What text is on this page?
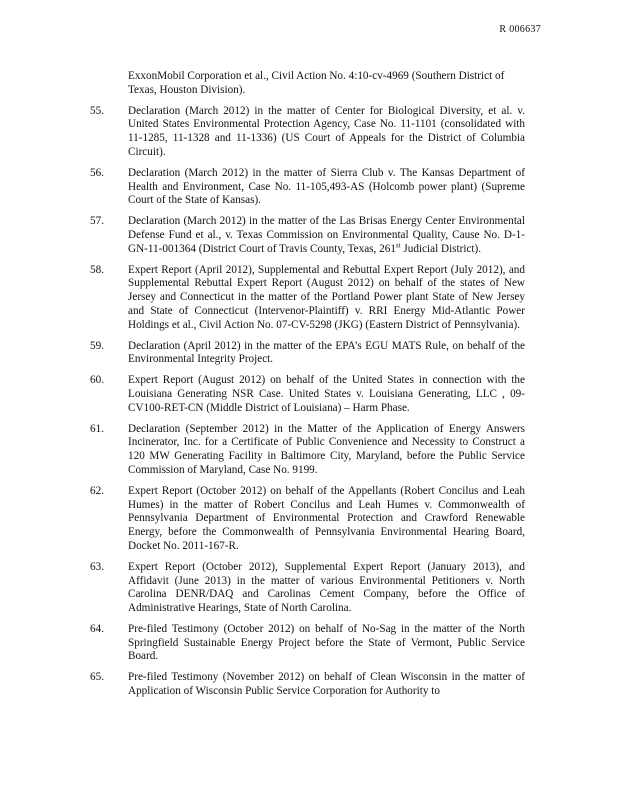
R 006637
ExxonMobil Corporation et al., Civil Action No. 4:10-cv-4969 (Southern District of Texas, Houston Division).
55.	Declaration (March 2012) in the matter of Center for Biological Diversity, et al. v. United States Environmental Protection Agency, Case No. 11-1101 (consolidated with 11-1285, 11-1328 and 11-1336) (US Court of Appeals for the District of Columbia Circuit).
56.	Declaration (March 2012) in the matter of Sierra Club v. The Kansas Department of Health and Environment, Case No. 11-105,493-AS (Holcomb power plant) (Supreme Court of the State of Kansas).
57.	Declaration (March 2012) in the matter of the Las Brisas Energy Center Environmental Defense Fund et al., v. Texas Commission on Environmental Quality, Cause No. D-1-GN-11-001364 (District Court of Travis County, Texas, 261st Judicial District).
58.	Expert Report (April 2012), Supplemental and Rebuttal Expert Report (July 2012), and Supplemental Rebuttal Expert Report (August 2012) on behalf of the states of New Jersey and Connecticut in the matter of the Portland Power plant State of New Jersey and State of Connecticut (Intervenor-Plaintiff) v. RRI Energy Mid-Atlantic Power Holdings et al., Civil Action No. 07-CV-5298 (JKG) (Eastern District of Pennsylvania).
59.	Declaration (April 2012) in the matter of the EPA’s EGU MATS Rule, on behalf of the Environmental Integrity Project.
60.	Expert Report (August 2012) on behalf of the United States in connection with the Louisiana Generating NSR Case. United States v. Louisiana Generating, LLC , 09-CV100-RET-CN (Middle District of Louisiana) – Harm Phase.
61.	Declaration (September 2012) in the Matter of the Application of Energy Answers Incinerator, Inc. for a Certificate of Public Convenience and Necessity to Construct a 120 MW Generating Facility in Baltimore City, Maryland, before the Public Service Commission of Maryland, Case No. 9199.
62.	Expert Report (October 2012) on behalf of the Appellants (Robert Concilus and Leah Humes) in the matter of Robert Concilus and Leah Humes v. Commonwealth of Pennsylvania Department of Environmental Protection and Crawford Renewable Energy, before the Commonwealth of Pennsylvania Environmental Hearing Board, Docket No. 2011-167-R.
63.	Expert Report (October 2012), Supplemental Expert Report (January 2013), and Affidavit (June 2013) in the matter of various Environmental Petitioners v. North Carolina DENR/DAQ and Carolinas Cement Company, before the Office of Administrative Hearings, State of North Carolina.
64.	Pre-filed Testimony (October 2012) on behalf of No-Sag in the matter of the North Springfield Sustainable Energy Project before the State of Vermont, Public Service Board.
65.	Pre-filed Testimony (November 2012) on behalf of Clean Wisconsin in the matter of Application of Wisconsin Public Service Corporation for Authority to
